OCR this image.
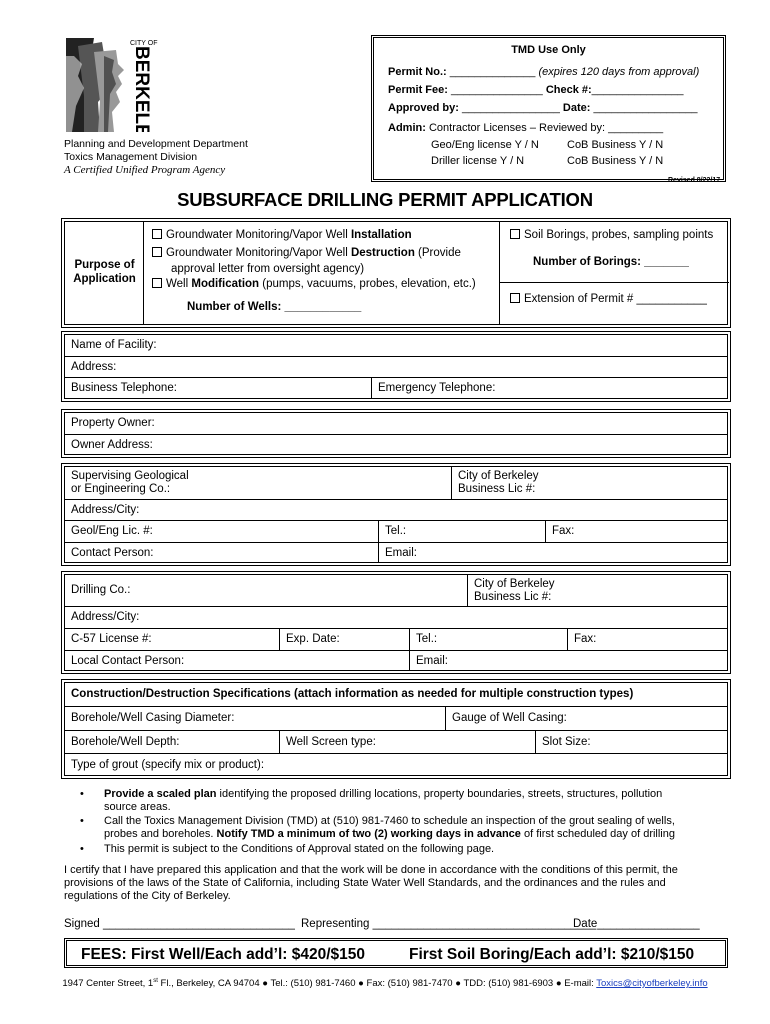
CITY OF
BERKELEY
Planning and Development Department
Toxics Management Division
A Certified Unified Program Agency
TMD Use Only
Permit No.: ______________ (expires 120 days from approval)
Permit Fee: _______________ Check #:_______________
Approved by: ________________ Date: _________________
Admin: Contractor Licenses – Reviewed by: _________
Geo/Eng license Y / N	CoB Business Y / N
Driller license Y / N	CoB Business Y / N
Revised 8/22/17
SUBSURFACE DRILLING PERMIT APPLICATION
Purpose of
Application
Groundwater Monitoring/Vapor Well Installation
Groundwater Monitoring/Vapor Well Destruction (Provide
approval letter from oversight agency)
Well Modification (pumps, vacuums, probes, elevation, etc.)
Number of Wells: ____________
Soil Borings, probes, sampling points
Number of Borings: _______
Extension of Permit # ___________
Name of Facility:
Address:
Business Telephone:	Emergency Telephone:
Property Owner:
Owner Address:
Supervising Geological
or Engineering Co.:
City of Berkeley
Business Lic #:
Address/City:
Geol/Eng Lic. #:	Tel.:	Fax:
Contact Person:	Email:
Drilling Co.:
City of Berkeley
Business Lic #:
Address/City:
C-57 License #:	Exp. Date:	Tel.:	Fax:
Local Contact Person:	Email:
Construction/Destruction Specifications (attach information as needed for multiple construction types)
Borehole/Well Casing Diameter:	Gauge of Well Casing:
Borehole/Well Depth:	Well Screen type:	Slot Size:
Type of grout (specify mix or product):
• Provide a scaled plan identifying the proposed drilling locations, property boundaries, streets, structures, pollution
source areas.
• Call the Toxics Management Division (TMD) at (510) 981-7460 to schedule an inspection of the grout sealing of wells,
probes and boreholes. Notify TMD a minimum of two (2) working days in advance of first scheduled day of drilling
• This permit is subject to the Conditions of Approval stated on the following page.
I certify that I have prepared this application and that the work will be done in accordance with the conditions of this permit, the
provisions of the laws of the State of California, including State Water Well Standards, and the ordinances and the rules and
regulations of the City of Berkeley.
Signed ______________________________ Representing ___________________________________
Date________________
FEES: First Well/Each add’l: $420/$150	First Soil Boring/Each add’l: $210/$150
1947 Center Street, 1st Fl., Berkeley, CA 94704 ● Tel.: (510) 981-7460 ● Fax: (510) 981-7470 ● TDD: (510) 981-6903 ● E-mail: Toxics@cityofberkeley.info
